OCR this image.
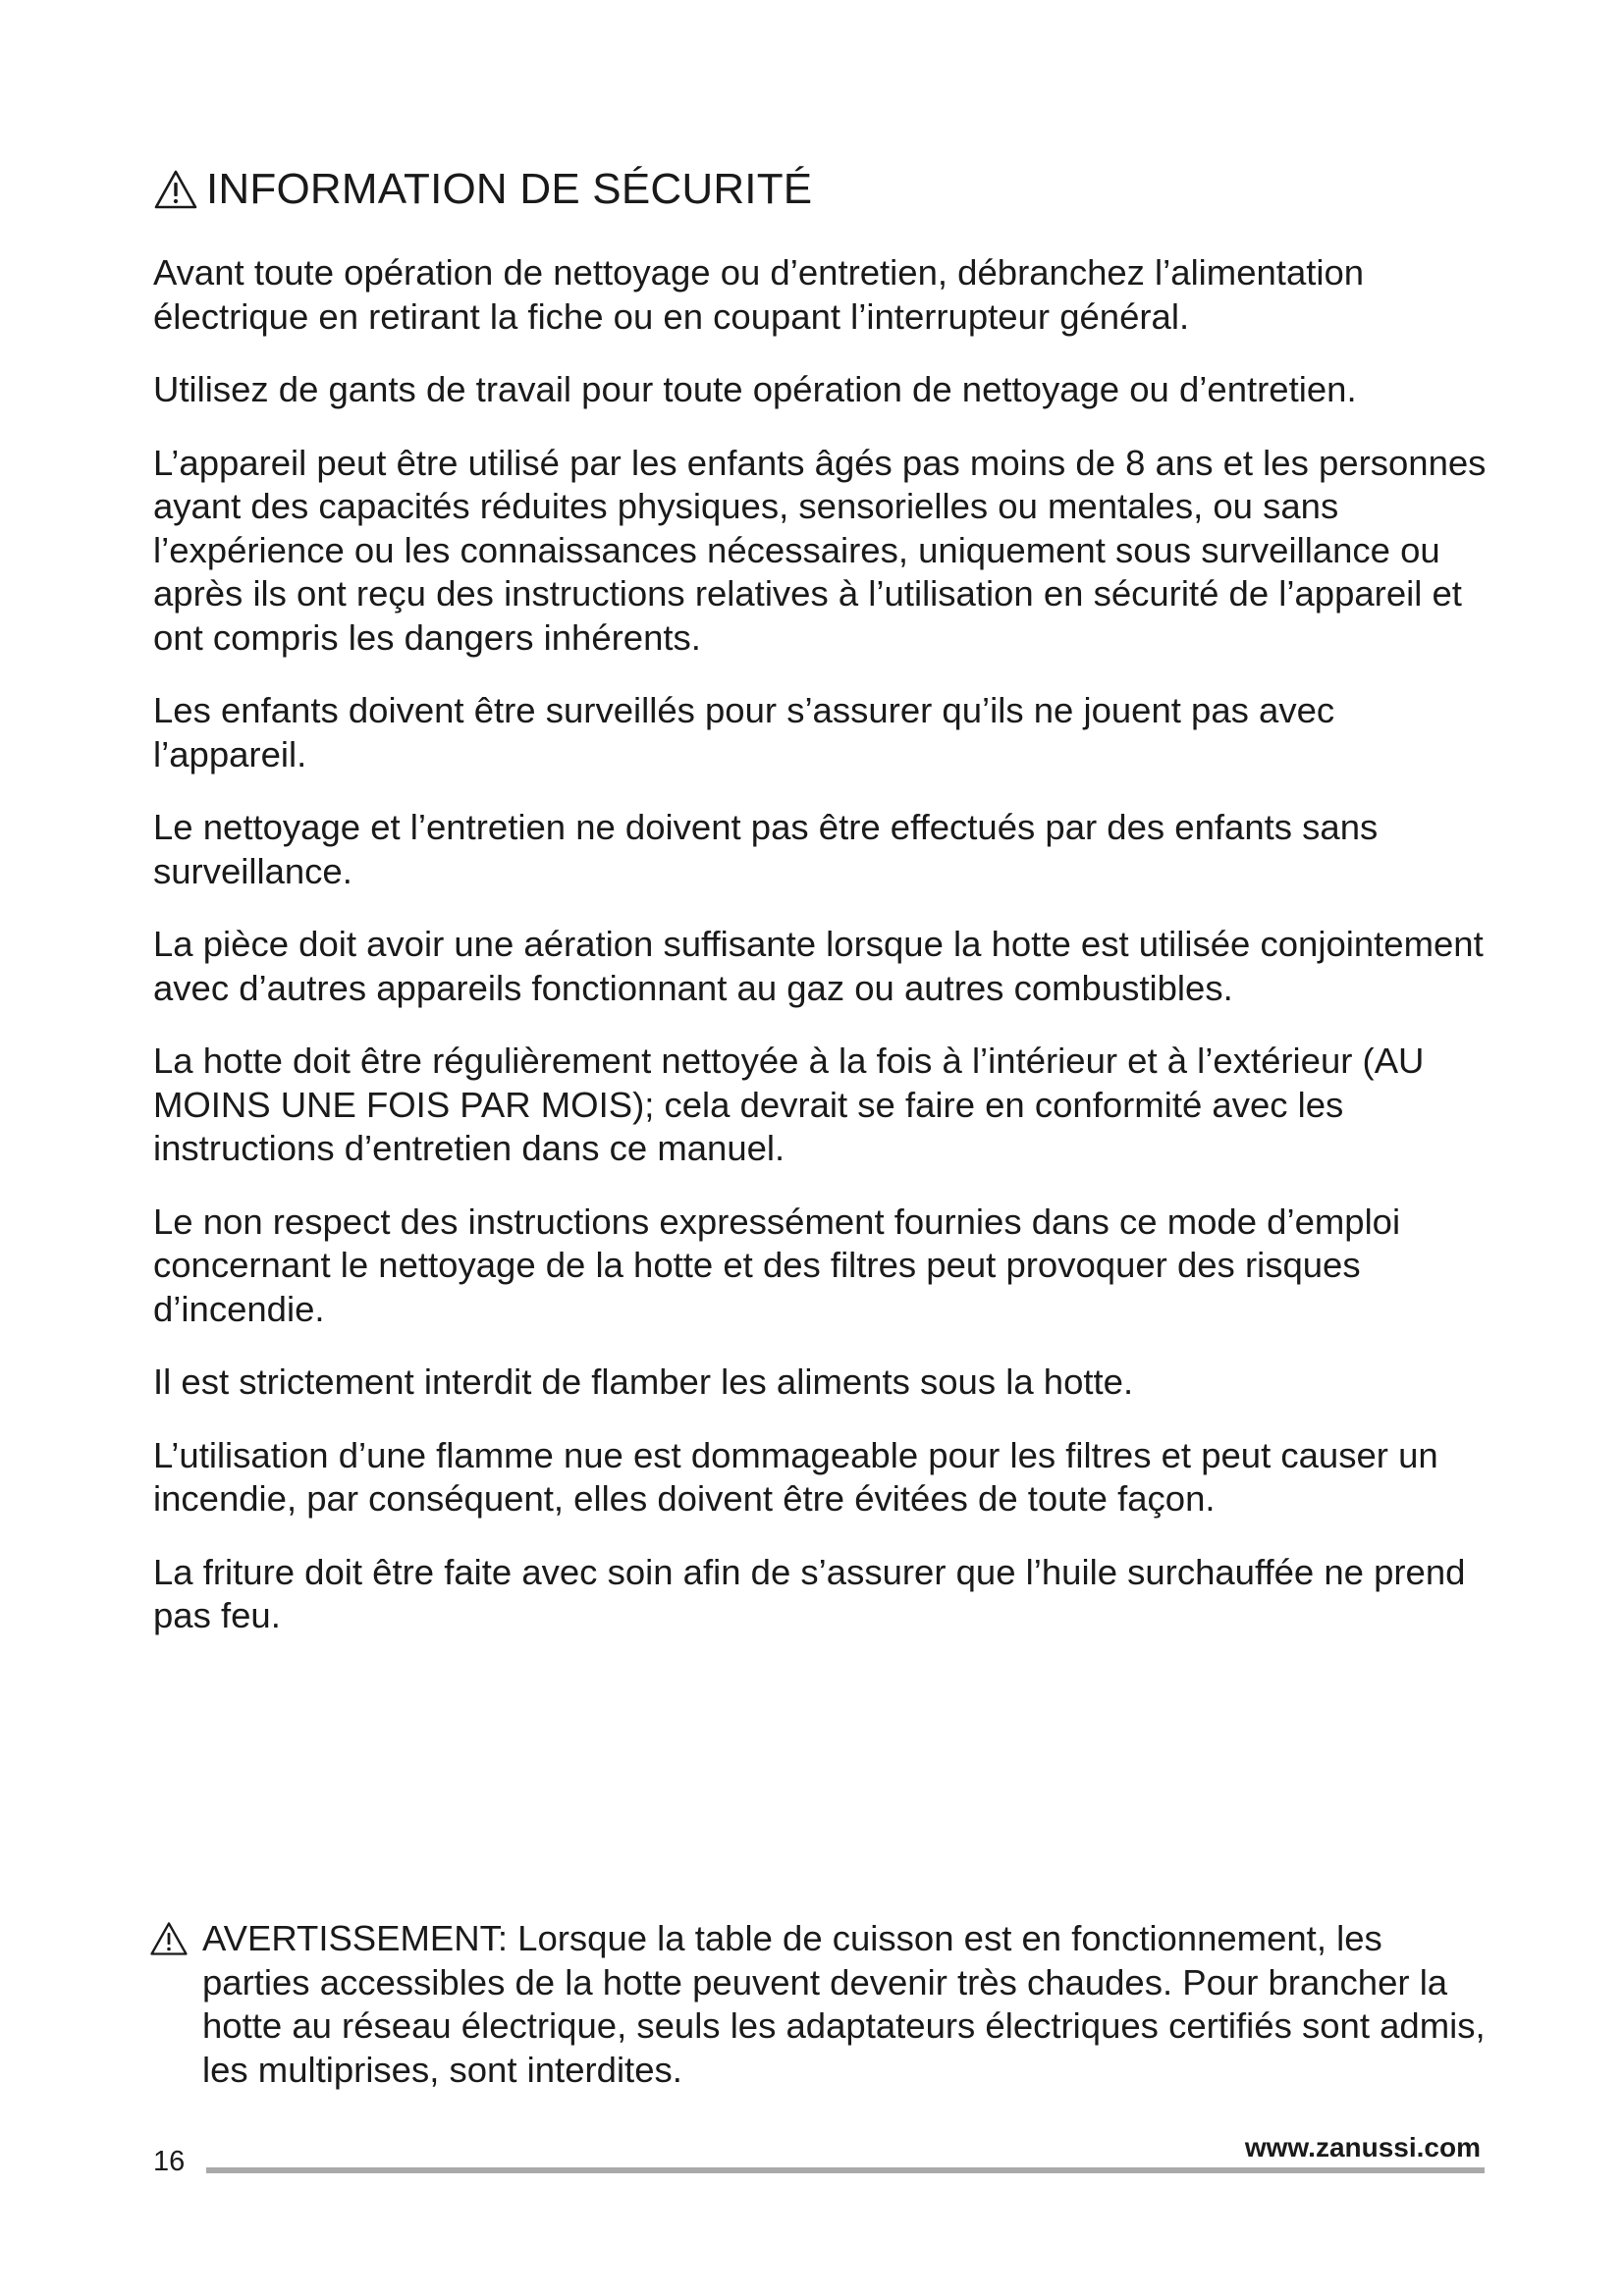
INFORMATION DE SÉCURITÉ

Avant toute opération de nettoyage ou d’entretien, débranchez l’alimentation électrique en retirant la fiche ou en coupant l’interrupteur général.

Utilisez de gants de travail pour toute opération de nettoyage ou d’entretien.

L’appareil peut être utilisé par les enfants âgés pas moins de 8 ans et les personnes ayant des capacités réduites physiques, sensorielles ou mentales, ou sans l’expérience ou les connaissances nécessaires, uniquement sous surveillance ou après ils ont reçu des instructions relatives à l’utilisation en sécurité de l’appareil et ont compris les dangers inhérents.

Les enfants doivent être surveillés pour s’assurer qu’ils ne jouent pas avec l’appareil.

Le nettoyage et l’entretien ne doivent pas être effectués par des enfants sans surveillance.

La pièce doit avoir une aération suffisante lorsque la hotte est utilisée conjointement avec d’autres appareils fonctionnant au gaz ou autres combustibles.

La hotte doit être régulièrement nettoyée à la fois à l’intérieur et à l’extérieur (AU MOINS UNE FOIS PAR MOIS); cela devrait se faire en conformité avec les instructions d’entretien dans ce manuel.

Le non respect des instructions expressément fournies dans ce mode d’emploi concernant le nettoyage de la hotte et des filtres peut provoquer des risques d’incendie.

Il est strictement interdit de flamber les aliments sous la hotte.

L’utilisation d’une flamme nue est dommageable pour les filtres et peut causer un incendie, par conséquent, elles doivent être évitées de toute façon.

La friture doit être faite avec soin afin de s’assurer que l’huile surchauffée ne prend pas feu.

AVERTISSEMENT: Lorsque la table de cuisson est en fonctionnement, les parties accessibles de la hotte peuvent devenir très chaudes. Pour brancher la hotte au réseau électrique, seuls les adaptateurs électriques certifiés sont admis, les multiprises, sont interdites.
16	www.zanussi.com
